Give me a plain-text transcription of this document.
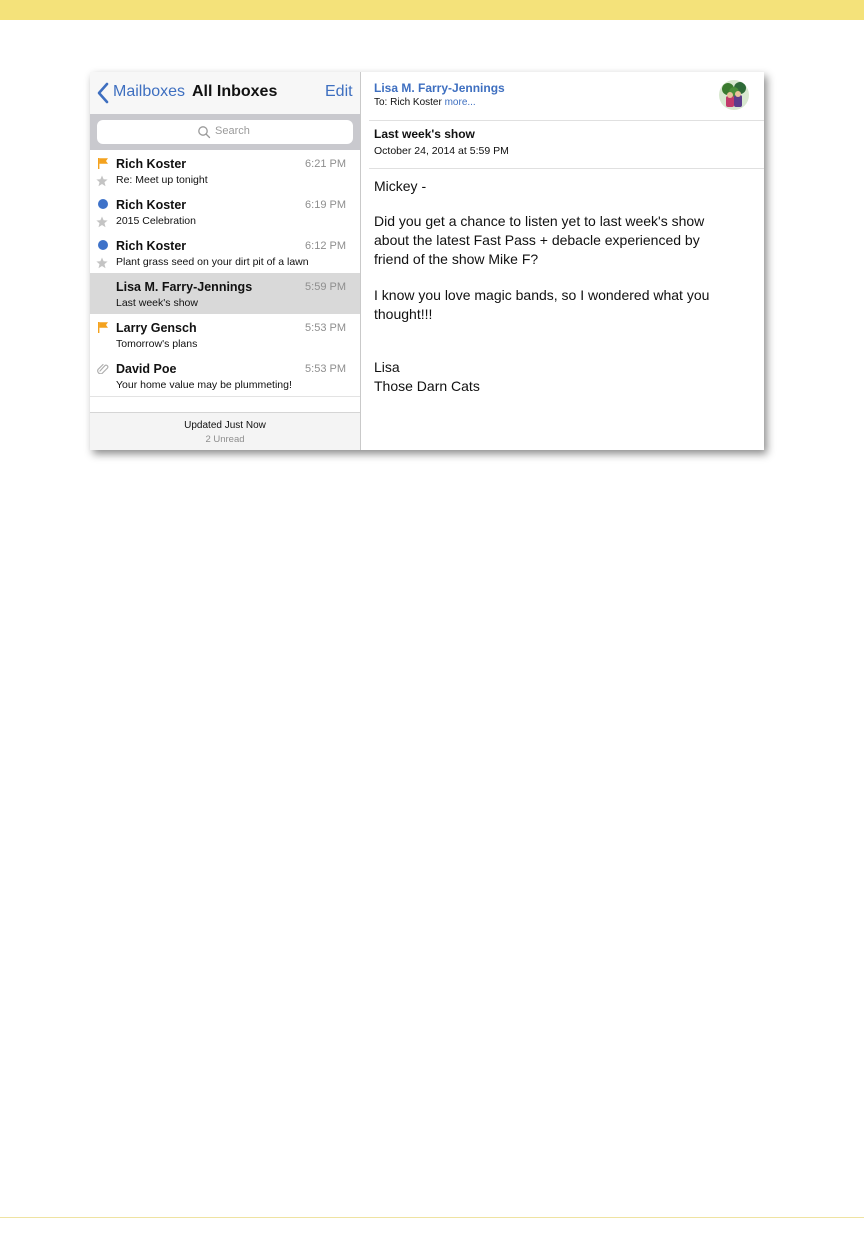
Mailboxes All Inboxes	Edit
Search
Rich Koster	6:21 PM
Re: Meet up tonight
Rich Koster	6:19 PM
2015 Celebration
Rich Koster	6:12 PM
Plant grass seed on your dirt pit of a lawn
Lisa M. Farry-Jennings	5:59 PM
Last week's show
Larry Gensch	5:53 PM
Tomorrow's plans
David Poe	5:53 PM
Your home value may be plummeting!
Updated Just Now
2 Unread
Lisa M. Farry-Jennings
To: Rich Koster more...
Last week's show
October 24, 2014 at 5:59 PM
Mickey -
Did you get a chance to listen yet to last week's show
about the latest Fast Pass + debacle experienced by
friend of the show Mike F?
I know you love magic bands, so I wondered what you
thought!!!
Lisa
Those Darn Cats
